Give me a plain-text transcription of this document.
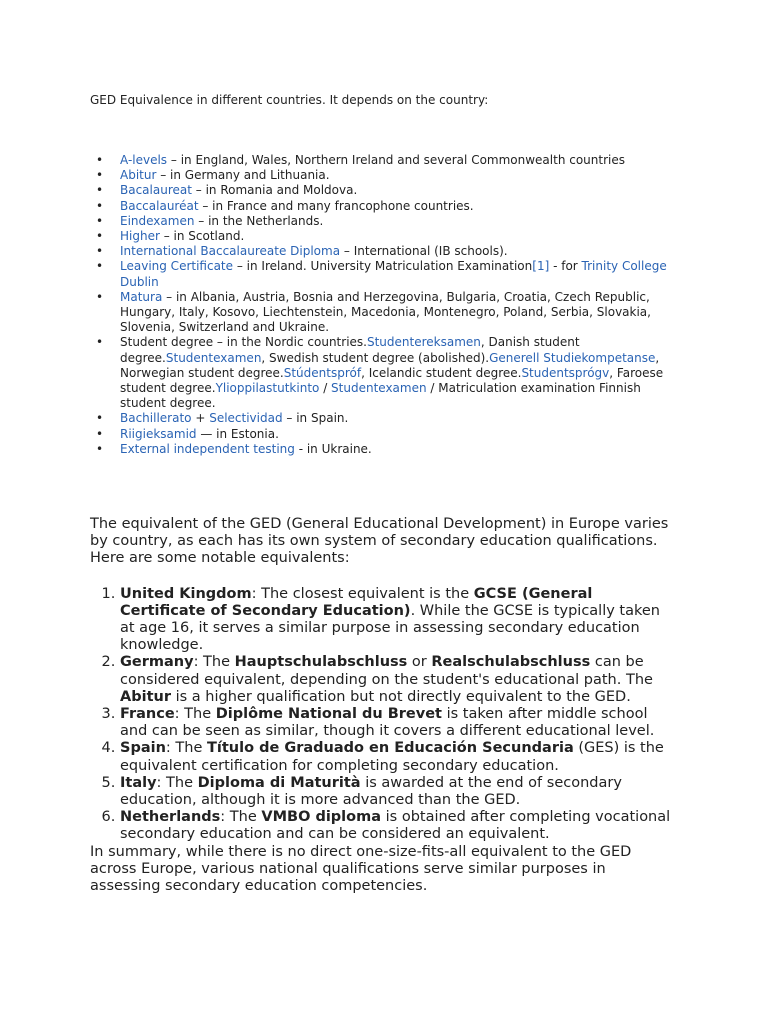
GED Equivalence in different countries. It depends on the country:

• A-levels – in England, Wales, Northern Ireland and several Commonwealth countries
• Abitur – in Germany and Lithuania.
• Bacalaureat – in Romania and Moldova.
• Baccalauréat – in France and many francophone countries.
• Eindexamen – in the Netherlands.
• Higher – in Scotland.
• International Baccalaureate Diploma – International (IB schools).
• Leaving Certificate – in Ireland. University Matriculation Examination[1] - for Trinity College Dublin
• Matura – in Albania, Austria, Bosnia and Herzegovina, Bulgaria, Croatia, Czech Republic, Hungary, Italy, Kosovo, Liechtenstein, Macedonia, Montenegro, Poland, Serbia, Slovakia, Slovenia, Switzerland and Ukraine.
• Student degree – in the Nordic countries.Studentereksamen, Danish student degree.Studentexamen, Swedish student degree (abolished).Generell Studiekompetanse, Norwegian student degree.Stúdentspróf, Icelandic student degree.Studentsprógv, Faroese student degree.Ylioppilastutkinto / Studentexamen / Matriculation examination Finnish student degree.
• Bachillerato + Selectividad – in Spain.
• Riigieksamid — in Estonia.
• External independent testing - in Ukraine.

The equivalent of the GED (General Educational Development) in Europe varies by country, as each has its own system of secondary education qualifications. Here are some notable equivalents:

1. United Kingdom: The closest equivalent is the GCSE (General Certificate of Secondary Education). While the GCSE is typically taken at age 16, it serves a similar purpose in assessing secondary education knowledge.
2. Germany: The Hauptschulabschluss or Realschulabschluss can be considered equivalent, depending on the student's educational path. The Abitur is a higher qualification but not directly equivalent to the GED.
3. France: The Diplôme National du Brevet is taken after middle school and can be seen as similar, though it covers a different educational level.
4. Spain: The Título de Graduado en Educación Secundaria (GES) is the equivalent certification for completing secondary education.
5. Italy: The Diploma di Maturità is awarded at the end of secondary education, although it is more advanced than the GED.
6. Netherlands: The VMBO diploma is obtained after completing vocational secondary education and can be considered an equivalent.

In summary, while there is no direct one-size-fits-all equivalent to the GED across Europe, various national qualifications serve similar purposes in assessing secondary education competencies.
